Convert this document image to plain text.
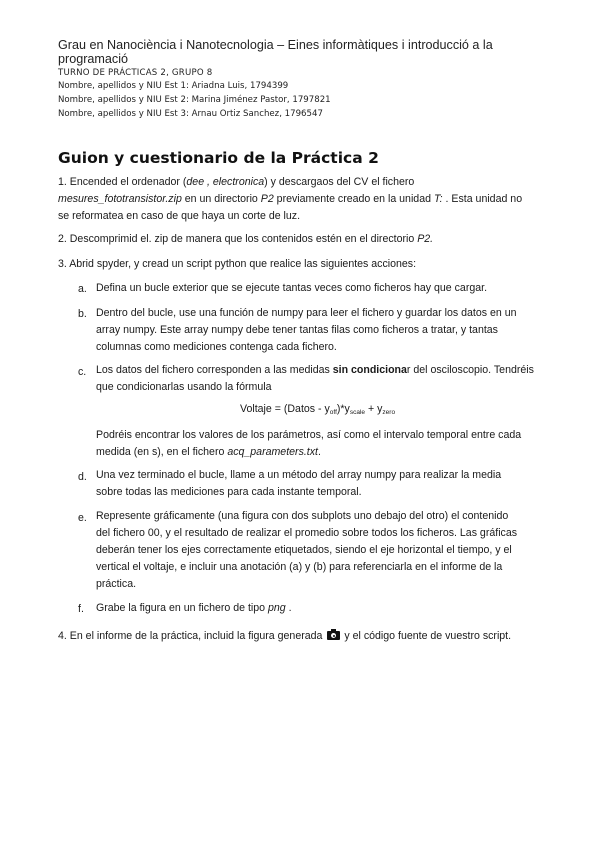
Grau en Nanociència i Nanotecnologia – Eines informàtiques i introducció a la programació
TURNO DE PRÁCTICAS 2, GRUPO 8
Nombre, apellidos y NIU Est 1: Ariadna Luis, 1794399
Nombre, apellidos y NIU Est 2: Marina Jiménez Pastor, 1797821
Nombre, apellidos y NIU Est 3: Arnau Ortiz Sanchez, 1796547
Guion y cuestionario de la Práctica 2
1. Encended el ordenador (dee , electronica) y descargaos del CV el fichero
mesures_fototransistor.zip en un directorio P2 previamente creado en la unidad T: . Esta unidad no
se reformatea en caso de que haya un corte de luz.
2. Descomprimid el. zip de manera que los contenidos estén en el directorio P2.
3. Abrid spyder, y cread un script python que realice las siguientes acciones:
a. Defina un bucle exterior que se ejecute tantas veces como ficheros hay que cargar.
b. Dentro del bucle, use una función de numpy para leer el fichero y guardar los datos en un
array numpy. Este array numpy debe tener tantas filas como ficheros a tratar, y tantas
columnas como mediciones contenga cada fichero.
c. Los datos del fichero corresponden a las medidas sin condicionar del osciloscopio. Tendréis
que condicionarlas usando la fórmula
Voltaje = (Datos - $y_{off})*y_{scale} + y_{zero}$
Podréis encontrar los valores de los parámetros, así como el intervalo temporal entre cada
medida (en s), en el fichero acq_parameters.txt.
d. Una vez terminado el bucle, llame a un método del array numpy para realizar la media
sobre todas las mediciones para cada instante temporal.
e. Represente gráficamente (una figura con dos subplots uno debajo del otro) el contenido
del fichero 00, y el resultado de realizar el promedio sobre todos los ficheros. Las gráficas
deberán tener los ejes correctamente etiquetados, siendo el eje horizontal el tiempo, y el
vertical el voltaje, e incluir una anotación (a) y (b) para referenciarla en el informe de la
práctica.
f. Grabe la figura en un fichero de tipo png .
4. En el informe de la práctica, incluid la figura generada y el código fuente de vuestro script.
